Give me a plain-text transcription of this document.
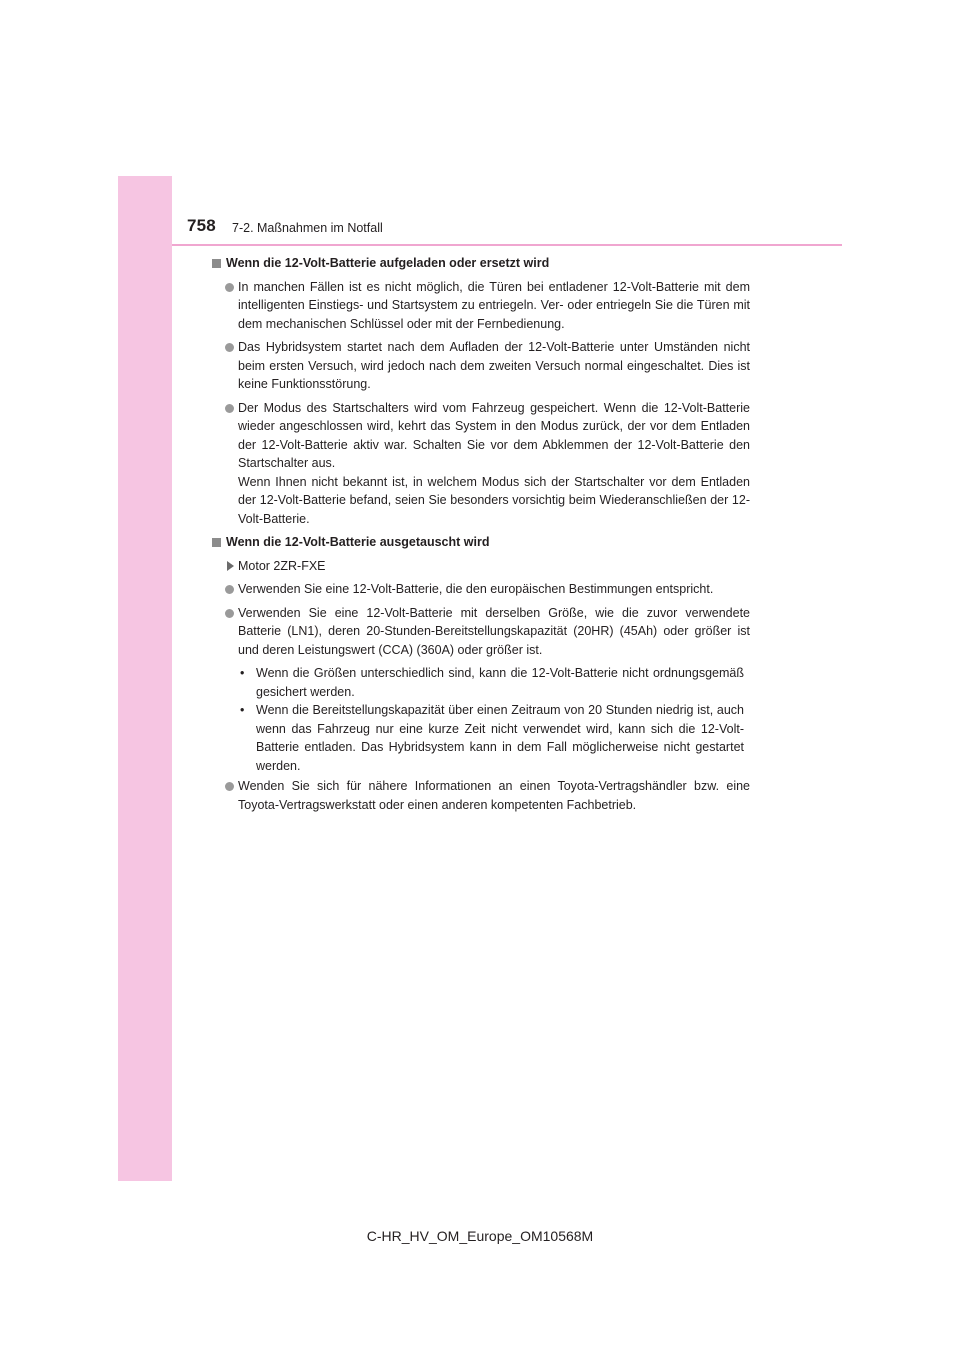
758 7-2. Maßnahmen im Notfall
Wenn die 12-Volt-Batterie aufgeladen oder ersetzt wird
In manchen Fällen ist es nicht möglich, die Türen bei entladener 12-Volt-Batterie mit dem intelligenten Einstiegs- und Startsystem zu entriegeln. Ver- oder entriegeln Sie die Türen mit dem mechanischen Schlüssel oder mit der Fernbedienung.
Das Hybridsystem startet nach dem Aufladen der 12-Volt-Batterie unter Umständen nicht beim ersten Versuch, wird jedoch nach dem zweiten Versuch normal eingeschaltet. Dies ist keine Funktionsstörung.
Der Modus des Startschalters wird vom Fahrzeug gespeichert. Wenn die 12-Volt-Batterie wieder angeschlossen wird, kehrt das System in den Modus zurück, der vor dem Entladen der 12-Volt-Batterie aktiv war. Schalten Sie vor dem Abklemmen der 12-Volt-Batterie den Startschalter aus.
Wenn Ihnen nicht bekannt ist, in welchem Modus sich der Startschalter vor dem Entladen der 12-Volt-Batterie befand, seien Sie besonders vorsichtig beim Wiederanschließen der 12-Volt-Batterie.
Wenn die 12-Volt-Batterie ausgetauscht wird
Motor 2ZR-FXE
Verwenden Sie eine 12-Volt-Batterie, die den europäischen Bestimmungen entspricht.
Verwenden Sie eine 12-Volt-Batterie mit derselben Größe, wie die zuvor verwendete Batterie (LN1), deren 20-Stunden-Bereitstellungskapazität (20HR) (45Ah) oder größer ist und deren Leistungswert (CCA) (360A) oder größer ist.
• Wenn die Größen unterschiedlich sind, kann die 12-Volt-Batterie nicht ordnungsgemäß gesichert werden.
• Wenn die Bereitstellungskapazität über einen Zeitraum von 20 Stunden niedrig ist, auch wenn das Fahrzeug nur eine kurze Zeit nicht verwendet wird, kann sich die 12-Volt-Batterie entladen. Das Hybridsystem kann in dem Fall möglicherweise nicht gestartet werden.
Wenden Sie sich für nähere Informationen an einen Toyota-Vertragshändler bzw. eine Toyota-Vertragswerkstatt oder einen anderen kompetenten Fachbetrieb.
C-HR_HV_OM_Europe_OM10568M
